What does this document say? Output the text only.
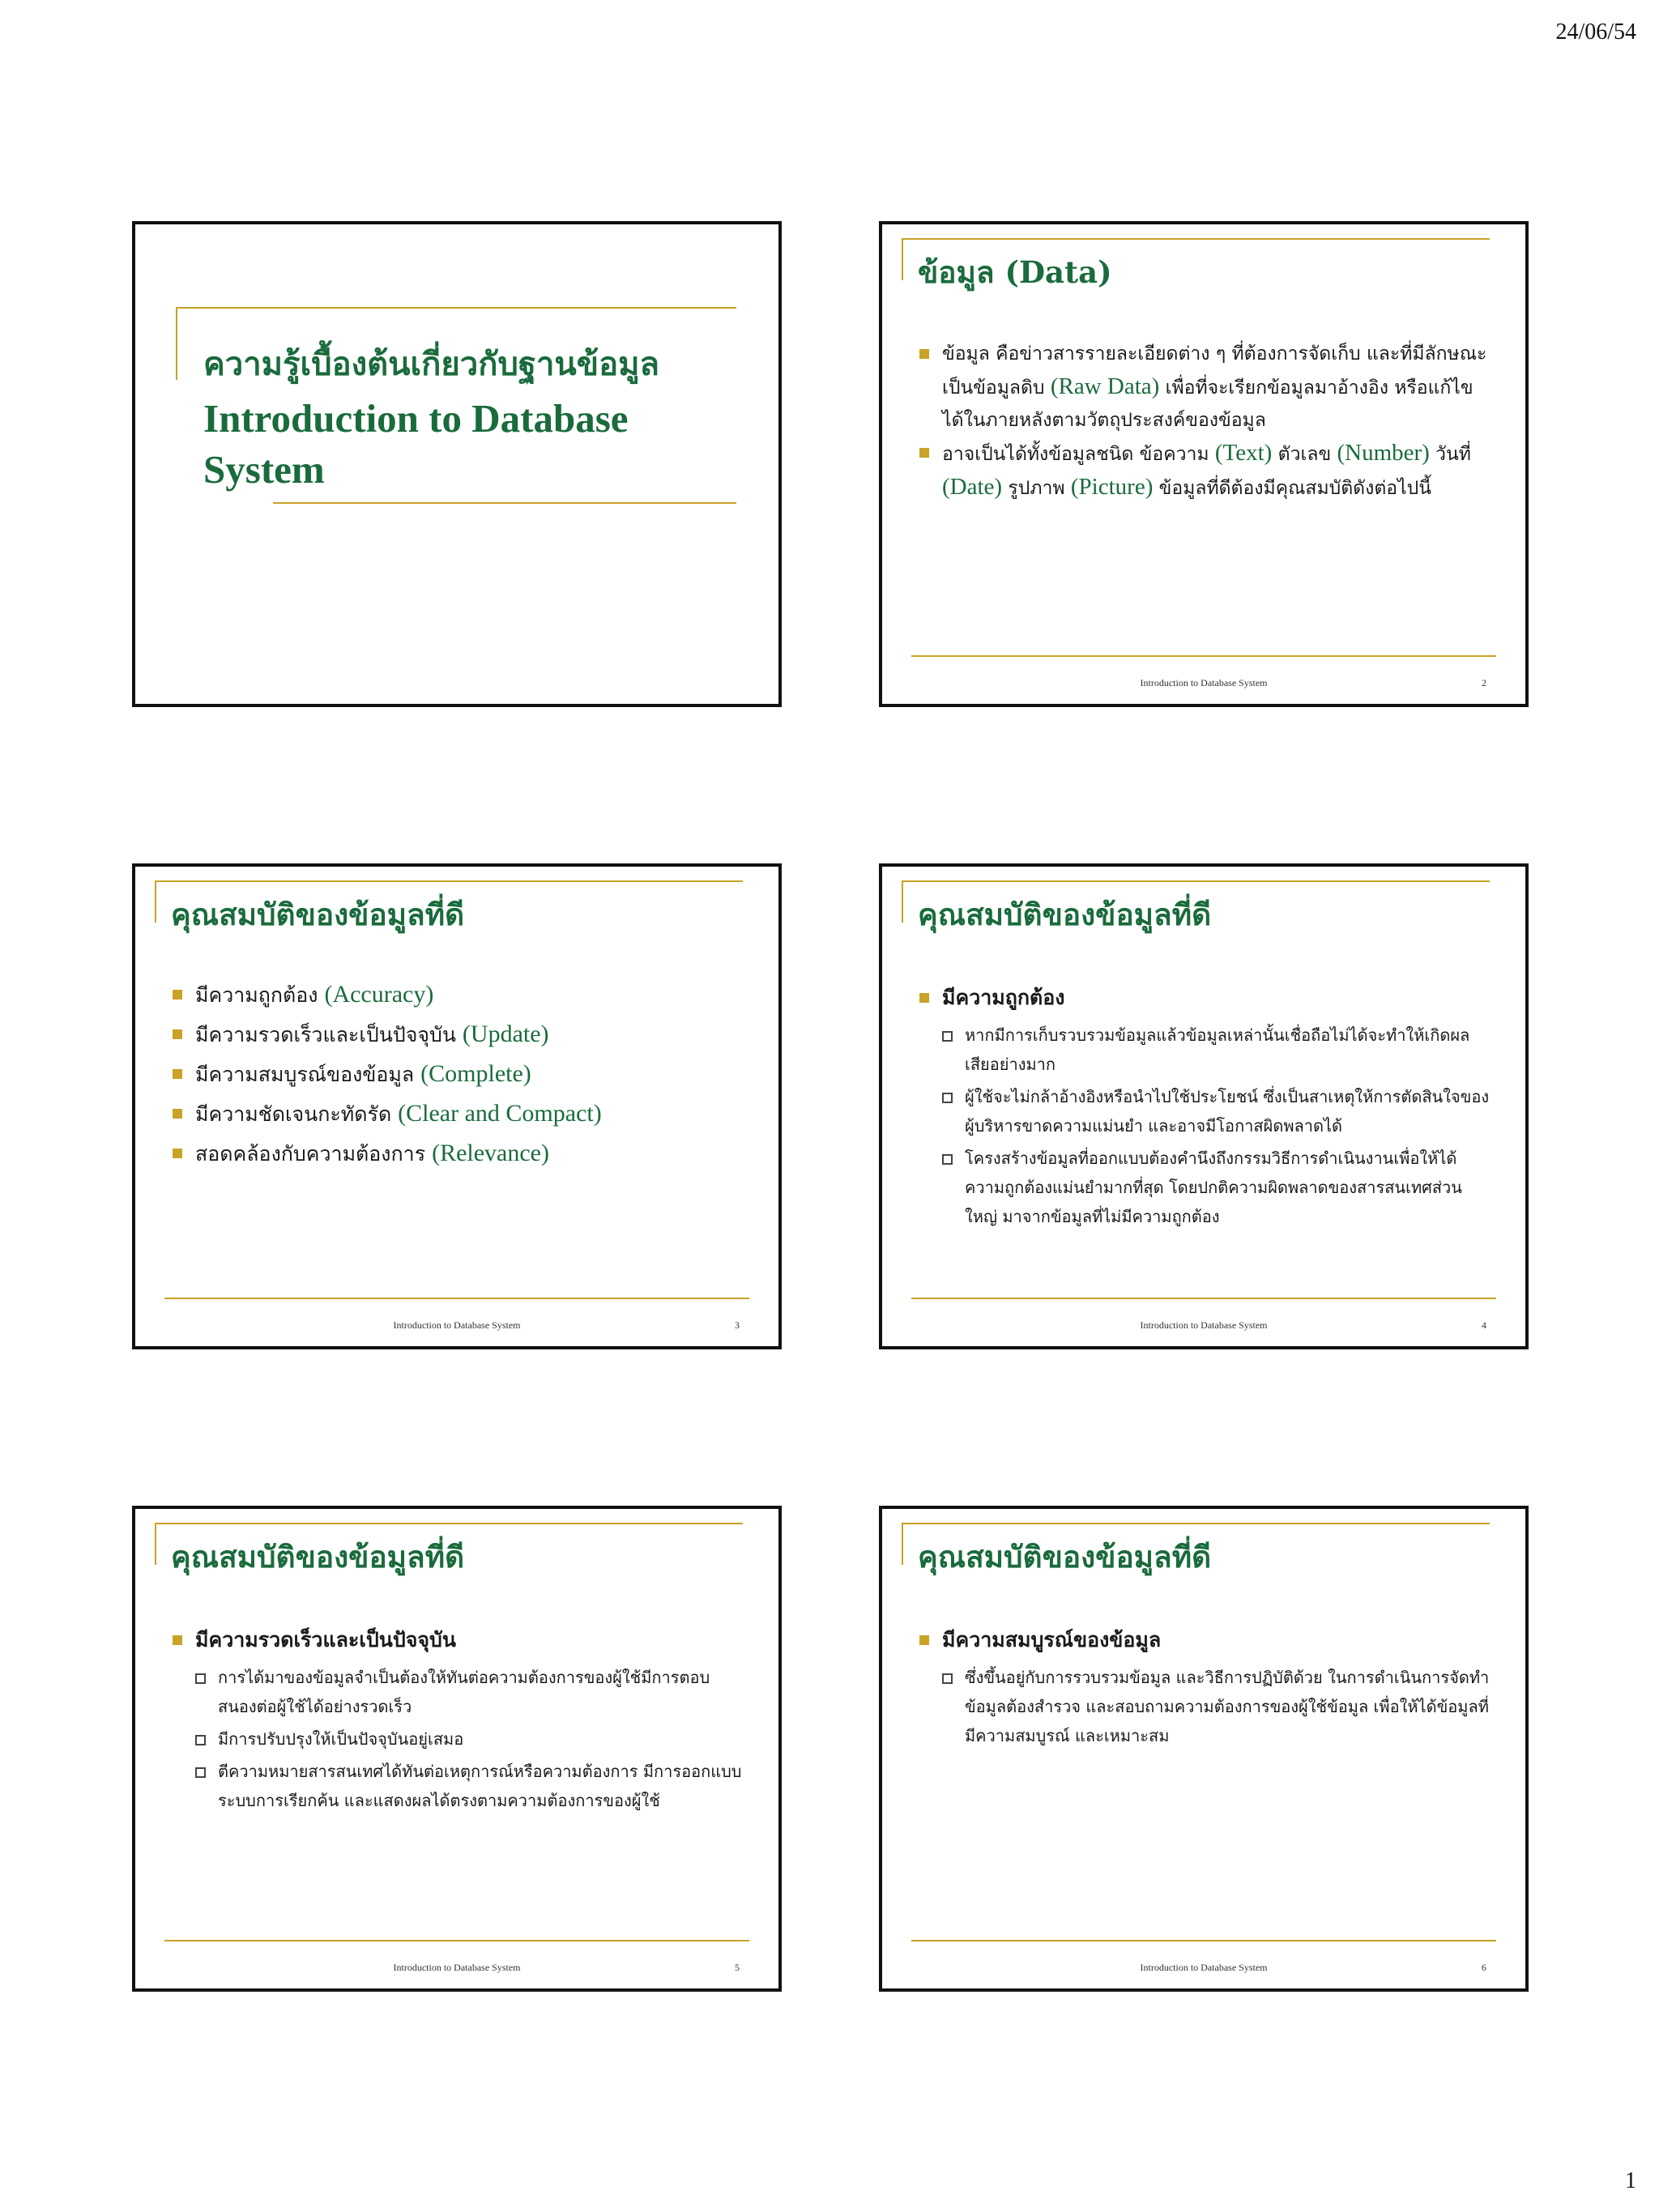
24/06/54
ความรู้เบื้องต้นเกี่ยวกับฐานข้อมูล
Introduction to Database System
ข้อมูล (Data)
ข้อมูล คือข่าวสารรายละเอียดต่าง ๆ ที่ต้องการจัดเก็บ และที่มีลักษณะเป็นข้อมูลดิบ (Raw Data) เพื่อที่จะเรียกข้อมูลมาอ้างอิง หรือแก้ไขได้ในภายหลังตามวัตถุประสงค์ของข้อมูล
อาจเป็นได้ทั้งข้อมูลชนิด ข้อความ (Text) ตัวเลข (Number) วันที่ (Date) รูปภาพ (Picture) ข้อมูลที่ดีต้องมีคุณสมบัติดังต่อไปนี้
Introduction to Database System	2
คุณสมบัติของข้อมูลที่ดี
มีความถูกต้อง (Accuracy)
มีความรวดเร็วและเป็นปัจจุบัน (Update)
มีความสมบูรณ์ของข้อมูล (Complete)
มีความชัดเจนกะทัดรัด (Clear and Compact)
สอดคล้องกับความต้องการ (Relevance)
Introduction to Database System	3
คุณสมบัติของข้อมูลที่ดี
มีความถูกต้อง
หากมีการเก็บรวบรวมข้อมูลแล้วข้อมูลเหล่านั้นเชื่อถือไม่ได้จะทำให้เกิดผลเสียอย่างมาก
ผู้ใช้จะไม่กล้าอ้างอิงหรือนำไปใช้ประโยชน์ ซึ่งเป็นสาเหตุให้การตัดสินใจของผู้บริหารขาดความแม่นยำ และอาจมีโอกาสผิดพลาดได้
โครงสร้างข้อมูลที่ออกแบบต้องคำนึงถึงกรรมวิธีการดำเนินงานเพื่อให้ได้ความถูกต้องแม่นยำมากที่สุด โดยปกติความผิดพลาดของสารสนเทศส่วนใหญ่ มาจากข้อมูลที่ไม่มีความถูกต้อง
Introduction to Database System	4
คุณสมบัติของข้อมูลที่ดี
มีความรวดเร็วและเป็นปัจจุบัน
การได้มาของข้อมูลจำเป็นต้องให้ทันต่อความต้องการของผู้ใช้มีการตอบสนองต่อผู้ใช้ได้อย่างรวดเร็ว
มีการปรับปรุงให้เป็นปัจจุบันอยู่เสมอ
ตีความหมายสารสนเทศได้ทันต่อเหตุการณ์หรือความต้องการ มีการออกแบบระบบการเรียกค้น และแสดงผลได้ตรงตามความต้องการของผู้ใช้
Introduction to Database System	5
คุณสมบัติของข้อมูลที่ดี
มีความสมบูรณ์ของข้อมูล
ซึ่งขึ้นอยู่กับการรวบรวมข้อมูล และวิธีการปฏิบัติด้วย ในการดำเนินการจัดทำข้อมูลต้องสำรวจ และสอบถามความต้องการของผู้ใช้ข้อมูล เพื่อให้ได้ข้อมูลที่มีความสมบูรณ์ และเหมาะสม
Introduction to Database System	6
1
